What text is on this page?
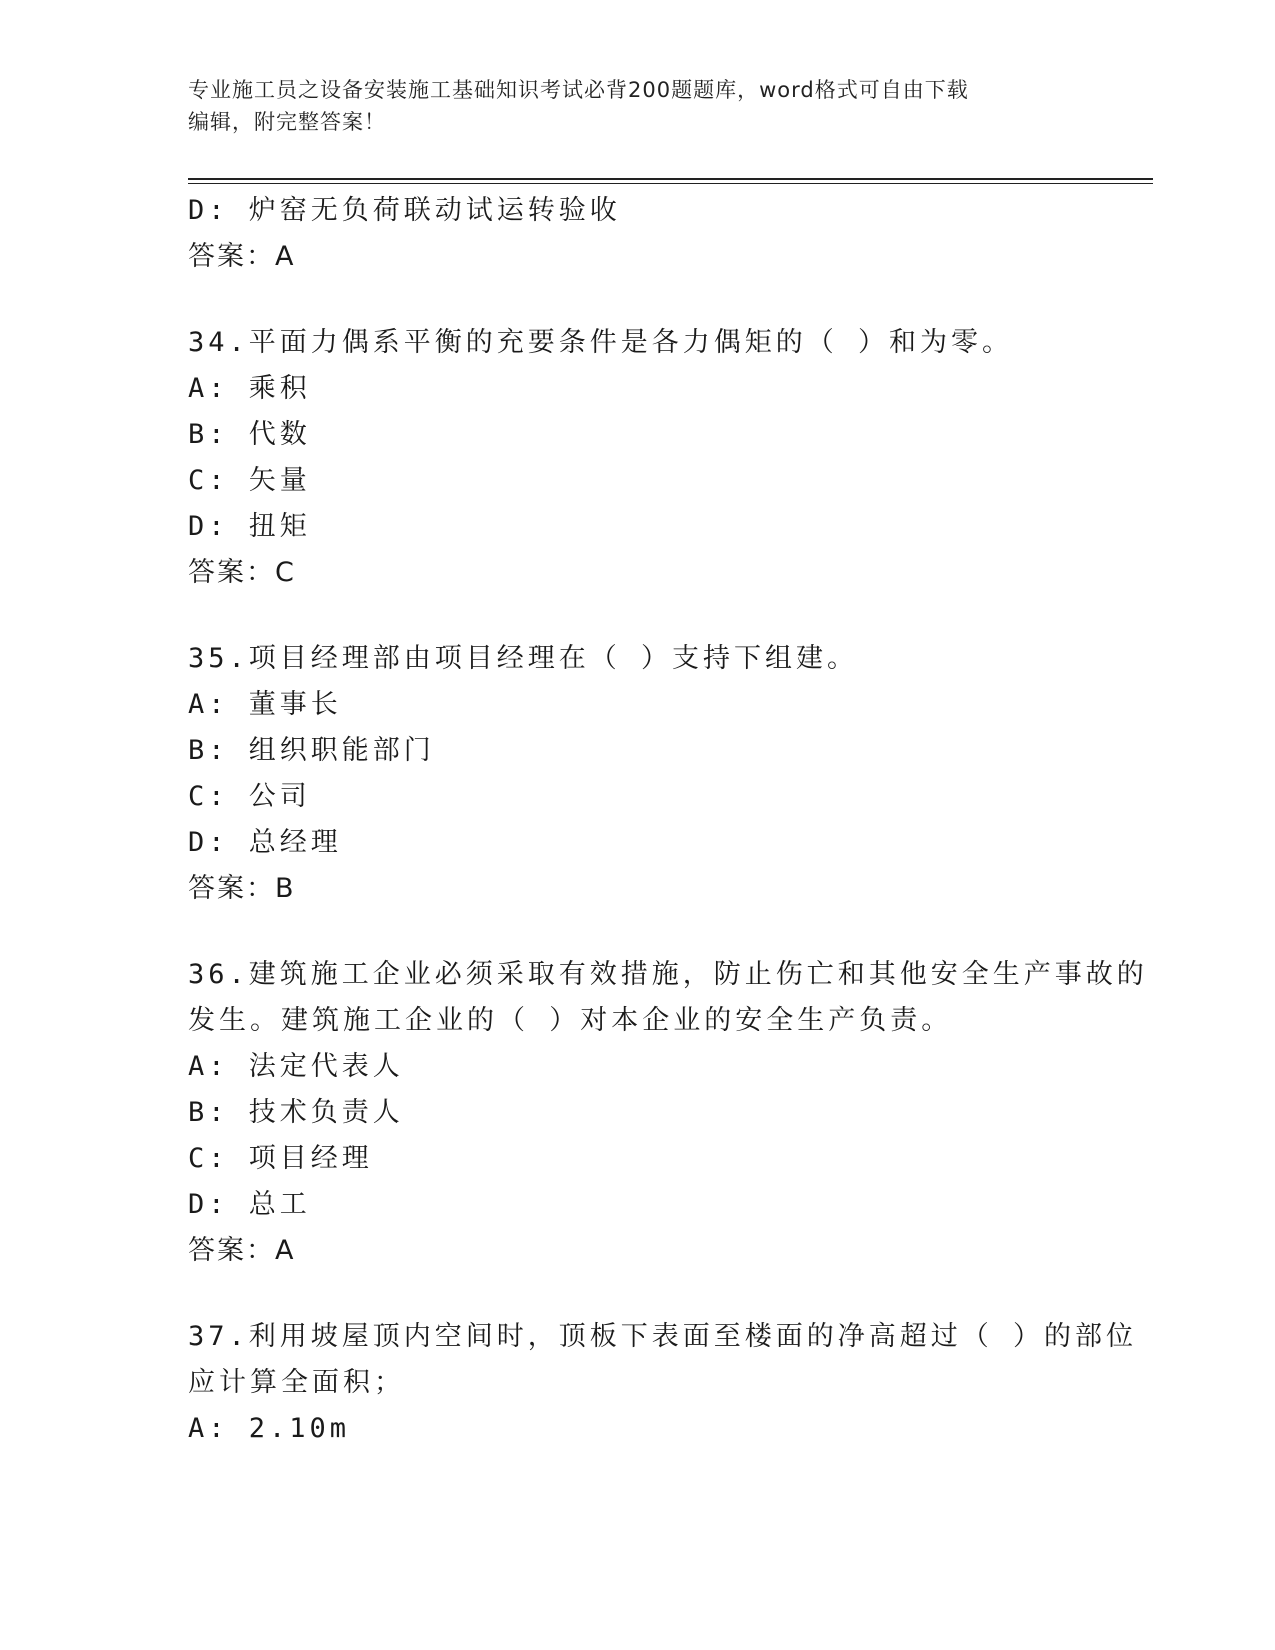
专业施工员之设备安装施工基础知识考试必背200题题库，word格式可自由下载
编辑，附完整答案！
D: 炉窑无负荷联动试运转验收
答案：A
34.平面力偶系平衡的充要条件是各力偶矩的（ ）和为零。
A: 乘积
B: 代数
C: 矢量
D: 扭矩
答案：C
35.项目经理部由项目经理在（ ）支持下组建。
A: 董事长
B: 组织职能部门
C: 公司
D: 总经理
答案：B
36.建筑施工企业必须采取有效措施，防止伤亡和其他安全生产事故的
发生。建筑施工企业的（ ）对本企业的安全生产负责。
A: 法定代表人
B: 技术负责人
C: 项目经理
D: 总工
答案：A
37.利用坡屋顶内空间时，顶板下表面至楼面的净高超过（ ）的部位
应计算全面积；
A: 2.10m
